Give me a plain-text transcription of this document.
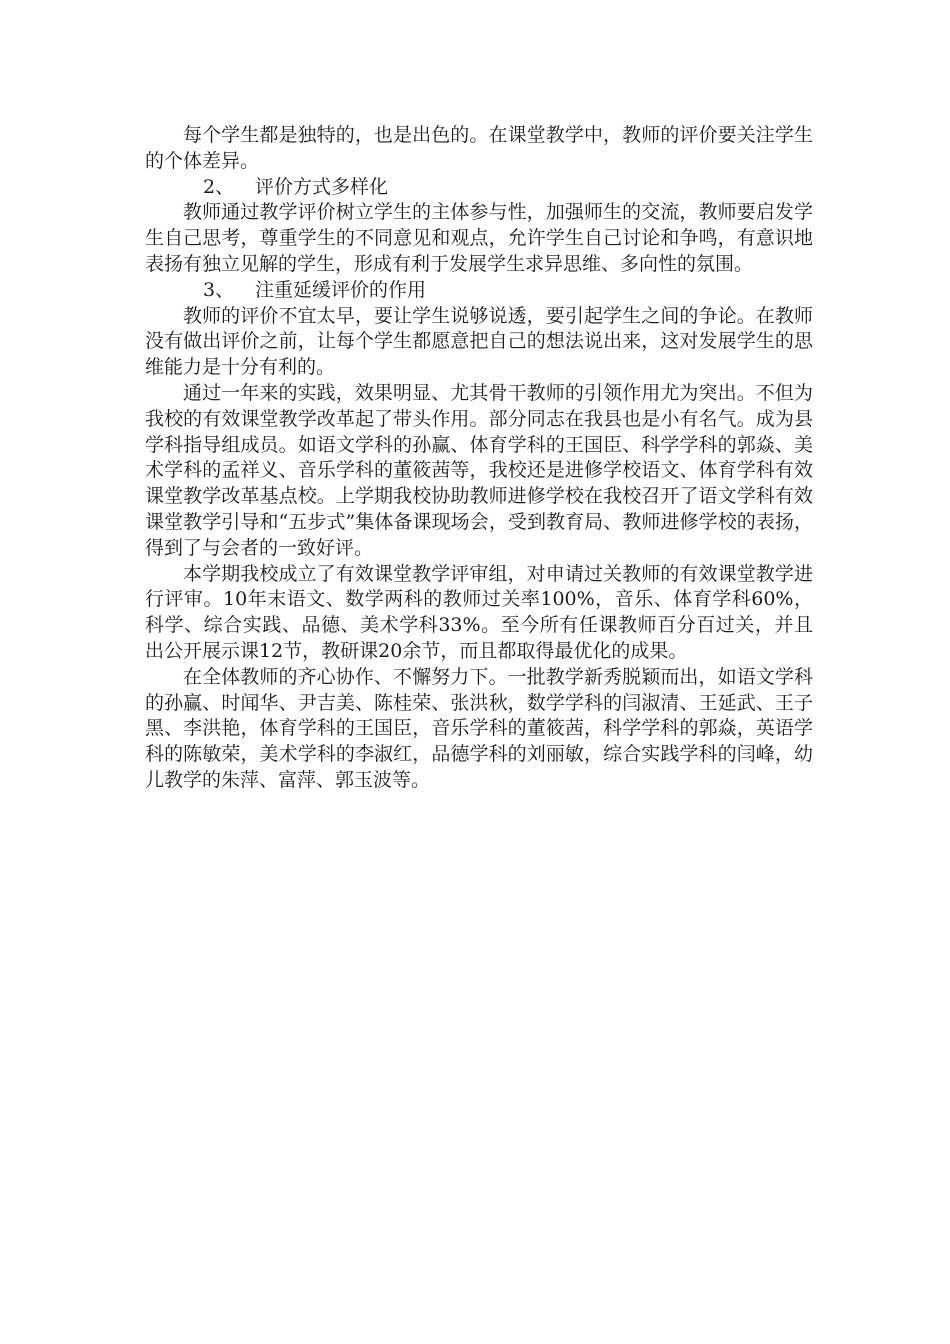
每个学生都是独特的，也是出色的。在课堂教学中，教师的评价要关注学生的个体差异。

2、 评价方式多样化

教师通过教学评价树立学生的主体参与性，加强师生的交流，教师要启发学生自己思考，尊重学生的不同意见和观点，允许学生自己讨论和争鸣，有意识地表扬有独立见解的学生，形成有利于发展学生求异思维、多向性的氛围。

3、 注重延缓评价的作用

教师的评价不宜太早，要让学生说够说透，要引起学生之间的争论。在教师没有做出评价之前，让每个学生都愿意把自己的想法说出来，这对发展学生的思维能力是十分有利的。

通过一年来的实践，效果明显、尤其骨干教师的引领作用尤为突出。不但为我校的有效课堂教学改革起了带头作用。部分同志在我县也是小有名气。成为县学科指导组成员。如语文学科的孙赢、体育学科的王国臣、科学学科的郭焱、美术学科的孟祥义、音乐学科的董筱茜等，我校还是进修学校语文、体育学科有效课堂教学改革基点校。上学期我校协助教师进修学校在我校召开了语文学科有效课堂教学引导和“五步式”集体备课现场会，受到教育局、教师进修学校的表扬，得到了与会者的一致好评。

本学期我校成立了有效课堂教学评审组，对申请过关教师的有效课堂教学进行评审。10年末语文、数学两科的教师过关率100%，音乐、体育学科60%，科学、综合实践、品德、美术学科33%。至今所有任课教师百分百过关，并且出公开展示课12节，教研课20余节，而且都取得最优化的成果。

在全体教师的齐心协作、不懈努力下。一批教学新秀脱颖而出，如语文学科的孙赢、时闻华、尹吉美、陈桂荣、张洪秋，数学学科的闫淑清、王延武、王子黑、李洪艳，体育学科的王国臣，音乐学科的董筱茜，科学学科的郭焱，英语学科的陈敏荣，美术学科的李淑红，品德学科的刘丽敏，综合实践学科的闫峰，幼儿教学的朱萍、富萍、郭玉波等。
